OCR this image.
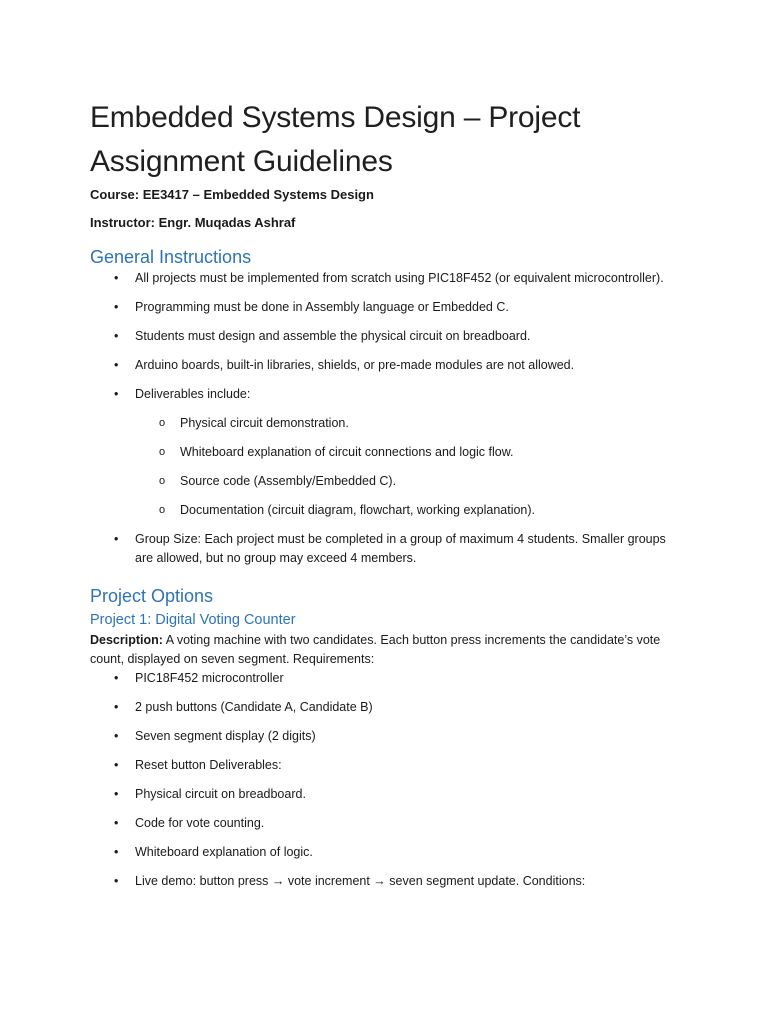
Embedded Systems Design – Project
Assignment Guidelines

Course: EE3417 – Embedded Systems Design

Instructor: Engr. Muqadas Ashraf

General Instructions
• All projects must be implemented from scratch using PIC18F452 (or equivalent microcontroller).
• Programming must be done in Assembly language or Embedded C.
• Students must design and assemble the physical circuit on breadboard.
• Arduino boards, built-in libraries, shields, or pre-made modules are not allowed.
• Deliverables include:
o Physical circuit demonstration.
o Whiteboard explanation of circuit connections and logic flow.
o Source code (Assembly/Embedded C).
o Documentation (circuit diagram, flowchart, working explanation).
• Group Size: Each project must be completed in a group of maximum 4 students. Smaller groups are allowed, but no group may exceed 4 members.
Project Options
Project 1: Digital Voting Counter

Description: A voting machine with two candidates. Each button press increments the candidate’s vote count, displayed on seven segment. Requirements:

• PIC18F452 microcontroller
• 2 push buttons (Candidate A, Candidate B)
• Seven segment display (2 digits)
• Reset button Deliverables:
• Physical circuit on breadboard.
• Code for vote counting.
• Whiteboard explanation of logic.
• Live demo: button press → vote increment → seven segment update. Conditions:
